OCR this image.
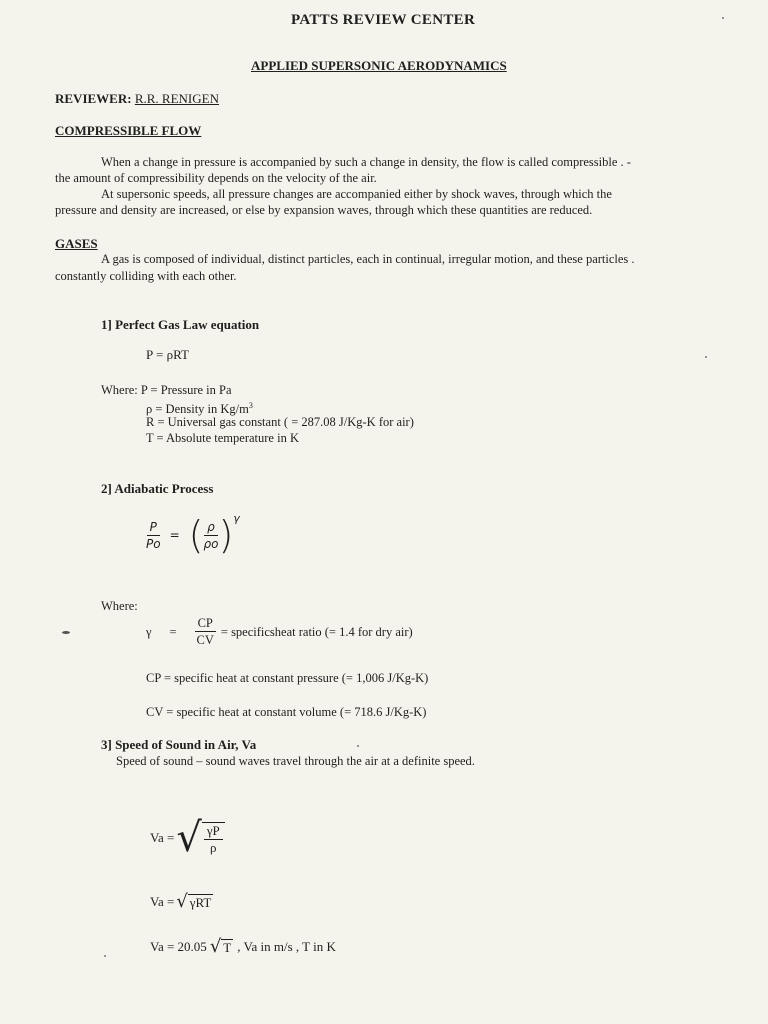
PATTS REVIEW CENTER
APPLIED SUPERSONIC AERODYNAMICS
REVIEWER: R.R. RENIGEN
COMPRESSIBLE FLOW
When a change in pressure is accompanied by such a change in density, the flow is called compressible . -
the amount of compressibility depends on the velocity of the air.
At supersonic speeds, all pressure changes are accompanied either by shock waves, through which the
pressure and density are increased, or else by expansion waves, through which these quantities are reduced.
GASES
A gas is composed of individual, distinct particles, each in continual, irregular motion, and these particles .
constantly colliding with each other.
1] Perfect Gas Law equation
P = ρRT
Where: P = Pressure in Pa
ρ = Density in $Kg/m^3$
R = Universal gas constant ( = 287.08 J/Kg-K for air)
T = Absolute temperature in K
2] Adiabatic Process
$\frac{P}{Po}$ = ( $\frac{\rho}{\rho o}$ ) γ
Where:
$\gamma = \frac{CP}{CV}$ = specificsheat ratio (= 1.4 for dry air)
CP = specific heat at constant pressure (= 1,006 J/Kg-K)
CV = specific heat at constant volume (= 718.6 J/Kg-K)
3] Speed of Sound in Air, Va
Speed of sound – sound waves travel through the air at a definite speed.
Va = √ $\frac{\gamma P}{\rho}$
Va = √ γRT
Va = 20.05 √ T , Va in m/s , T in K
